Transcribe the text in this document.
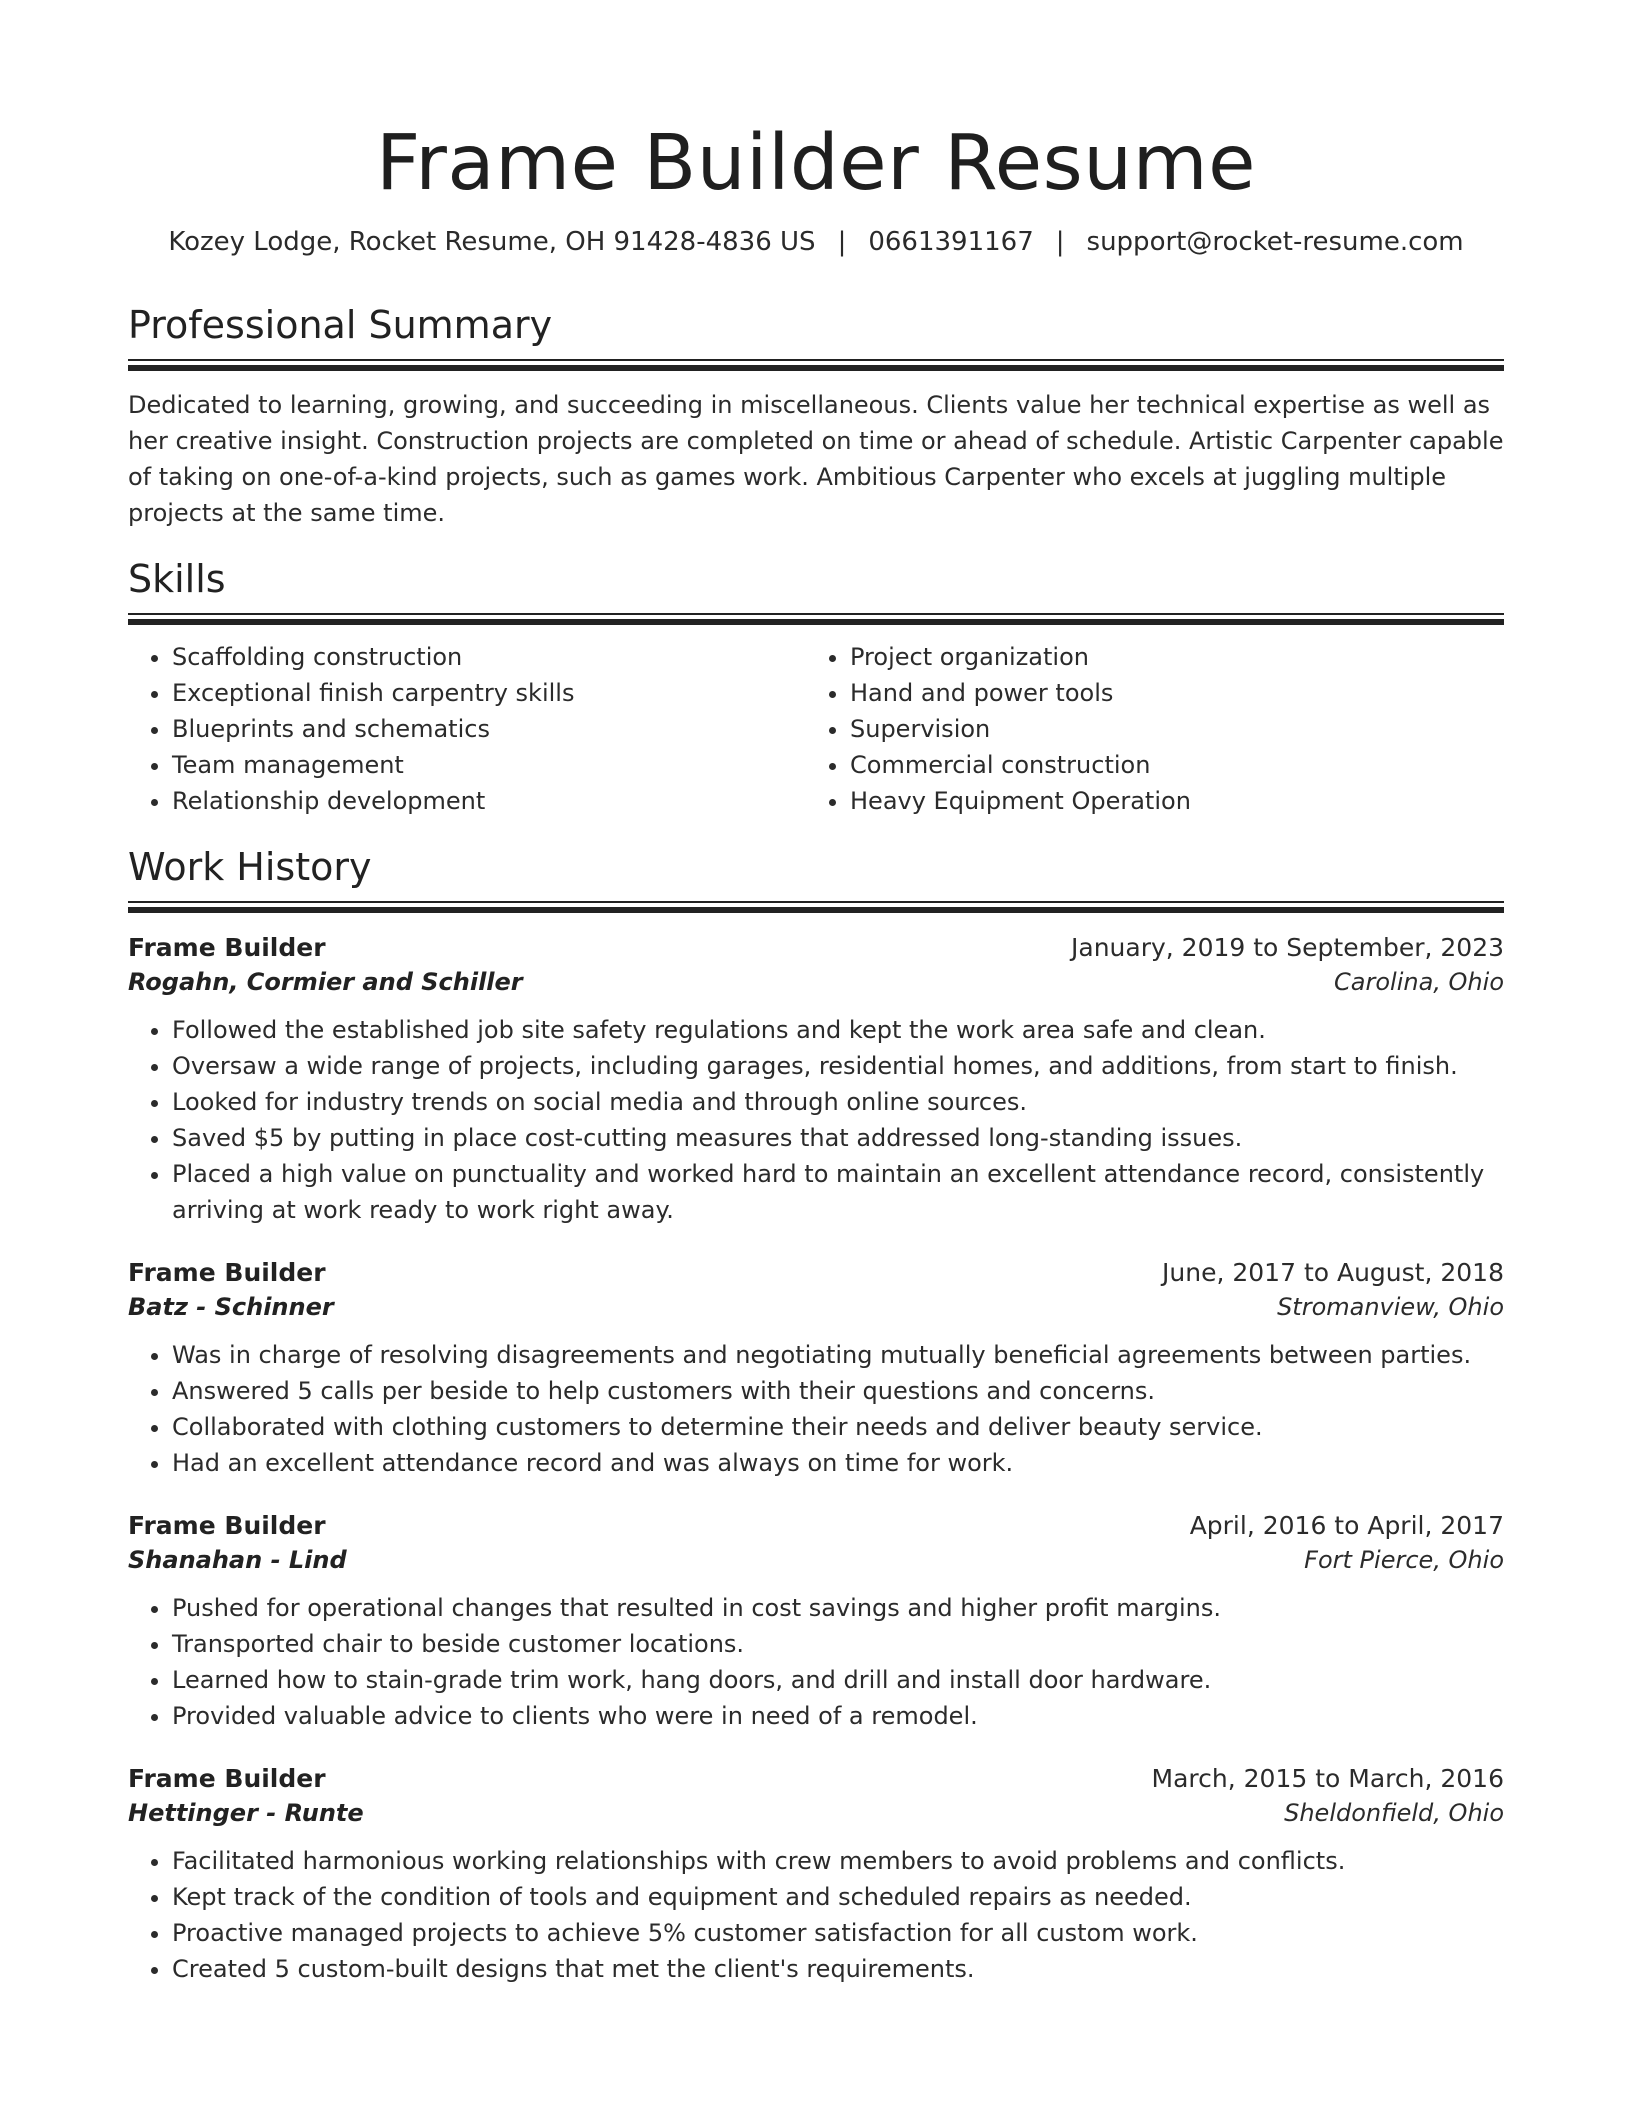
Frame Builder Resume
Kozey Lodge, Rocket Resume, OH 91428-4836 US | 0661391167 | support@rocket-resume.com
Professional Summary
Dedicated to learning, growing, and succeeding in miscellaneous. Clients value her technical expertise as well as her creative insight. Construction projects are completed on time or ahead of schedule. Artistic Carpenter capable of taking on one-of-a-kind projects, such as games work. Ambitious Carpenter who excels at juggling multiple projects at the same time.
Skills
• Scaffolding construction
• Exceptional finish carpentry skills
• Blueprints and schematics
• Team management
• Relationship development
• Project organization
• Hand and power tools
• Supervision
• Commercial construction
• Heavy Equipment Operation
Work History
Frame Builder	January, 2019 to September, 2023
Rogahn, Cormier and Schiller	Carolina, Ohio
• Followed the established job site safety regulations and kept the work area safe and clean.
• Oversaw a wide range of projects, including garages, residential homes, and additions, from start to finish.
• Looked for industry trends on social media and through online sources.
• Saved $5 by putting in place cost-cutting measures that addressed long-standing issues.
• Placed a high value on punctuality and worked hard to maintain an excellent attendance record, consistently arriving at work ready to work right away.
Frame Builder	June, 2017 to August, 2018
Batz - Schinner	Stromanview, Ohio
• Was in charge of resolving disagreements and negotiating mutually beneficial agreements between parties.
• Answered 5 calls per beside to help customers with their questions and concerns.
• Collaborated with clothing customers to determine their needs and deliver beauty service.
• Had an excellent attendance record and was always on time for work.
Frame Builder	April, 2016 to April, 2017
Shanahan - Lind	Fort Pierce, Ohio
• Pushed for operational changes that resulted in cost savings and higher profit margins.
• Transported chair to beside customer locations.
• Learned how to stain-grade trim work, hang doors, and drill and install door hardware.
• Provided valuable advice to clients who were in need of a remodel.
Frame Builder	March, 2015 to March, 2016
Hettinger - Runte	Sheldonfield, Ohio
• Facilitated harmonious working relationships with crew members to avoid problems and conflicts.
• Kept track of the condition of tools and equipment and scheduled repairs as needed.
• Proactive managed projects to achieve 5% customer satisfaction for all custom work.
• Created 5 custom-built designs that met the client's requirements.
